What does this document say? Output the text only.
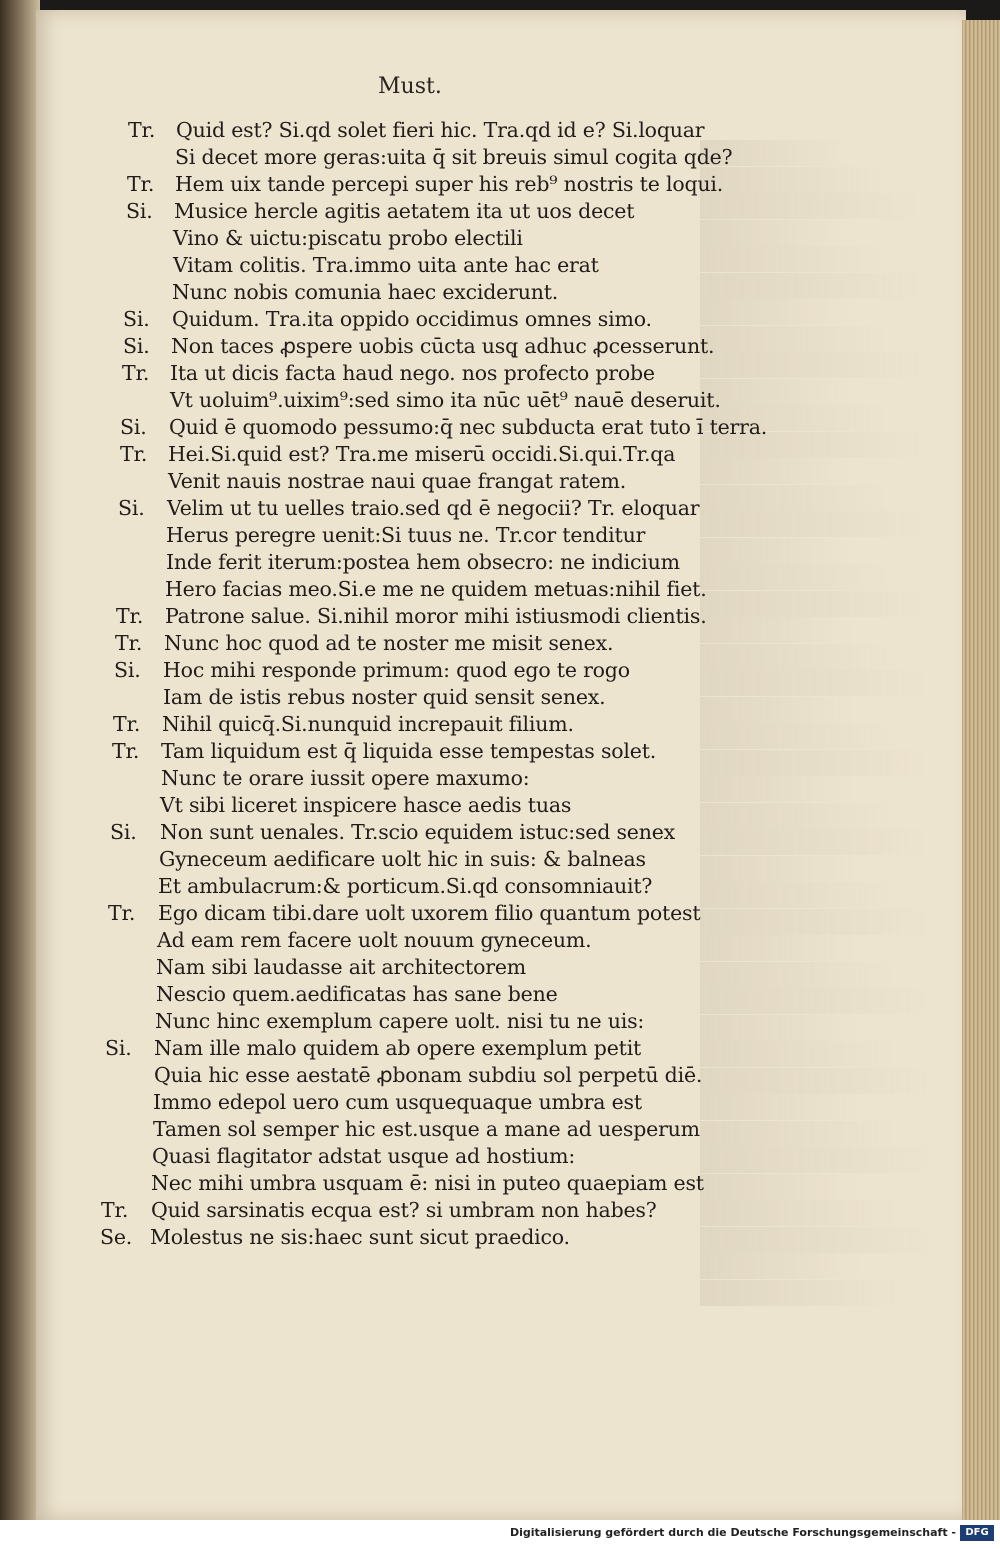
Must.
Tr. Quid est? Si.qd solet fieri hic. Tra.qd id e? Si.loquar
Si decet more geras:uita q̄ sit breuis simul cogita qde?
Tr. Hem uix tande percepi super his reb⁹ nostris te loqui.
Si. Musice hercle agitis aetatem ita ut uos decet
Vino & uictu:piscatu probo electili
Vitam colitis. Tra.immo uita ante hac erat
Nunc nobis comunia haec exciderunt.
Si. Quidum. Tra.ita oppido occidimus omnes simo.
Si. Non taces ꝓspere uobis cūcta usq̨ adhuc ꝓcesserunt.
Tr. Ita ut dicis facta haud nego. nos profecto probe
Vt uoluim⁹.uixim⁹:sed simo ita nūc uēt⁹ nauē deseruit.
Si. Quid ē quomodo pessumo:q̄ nec subducta erat tuto ī terra.
Tr. Hei.Si.quid est? Tra.me miserū occidi.Si.qui.Tr.qa
Venit nauis nostrae naui quae frangat ratem.
Si. Velim ut tu uelles traio.sed qd ē negocii? Tr. eloquar
Herus peregre uenit:Si tuus ne. Tr.cor tenditur
Inde ferit iterum:postea hem obsecro: ne indicium
Hero facias meo.Si.e me ne quidem metuas:nihil fiet.
Tr. Patrone salue. Si.nihil moror mihi istiusmodi clientis.
Tr. Nunc hoc quod ad te noster me misit senex.
Si. Hoc mihi responde primum: quod ego te rogo
Iam de istis rebus noster quid sensit senex.
Tr. Nihil quicq̄.Si.nunquid increpauit filium.
Tr. Tam liquidum est q̄ liquida esse tempestas solet.
Nunc te orare iussit opere maxumo:
Vt sibi liceret inspicere hasce aedis tuas
Si. Non sunt uenales. Tr.scio equidem istuc:sed senex
Gyneceum aedificare uolt hic in suis: & balneas
Et ambulacrum:& porticum.Si.qd consomniauit?
Tr. Ego dicam tibi.dare uolt uxorem filio quantum potest
Ad eam rem facere uolt nouum gyneceum.
Nam sibi laudasse ait architectorem
Nescio quem.aedificatas has sane bene
Nunc hinc exemplum capere uolt. nisi tu ne uis:
Si. Nam ille malo quidem ab opere exemplum petit
Quia hic esse aestatē ꝓbonam subdiu sol perpetū diē.
Immo edepol uero cum usquequaque umbra est
Tamen sol semper hic est.usque a mane ad uesperum
Quasi flagitator adstat usque ad hostium:
Nec mihi umbra usquam ē: nisi in puteo quaepiam est
Tr. Quid sarsinatis ecqua est? si umbram non habes?
Se. Molestus ne sis:haec sunt sicut praedico.
Digitalisierung gefördert durch die Deutsche Forschungsgemeinschaft - DFG
